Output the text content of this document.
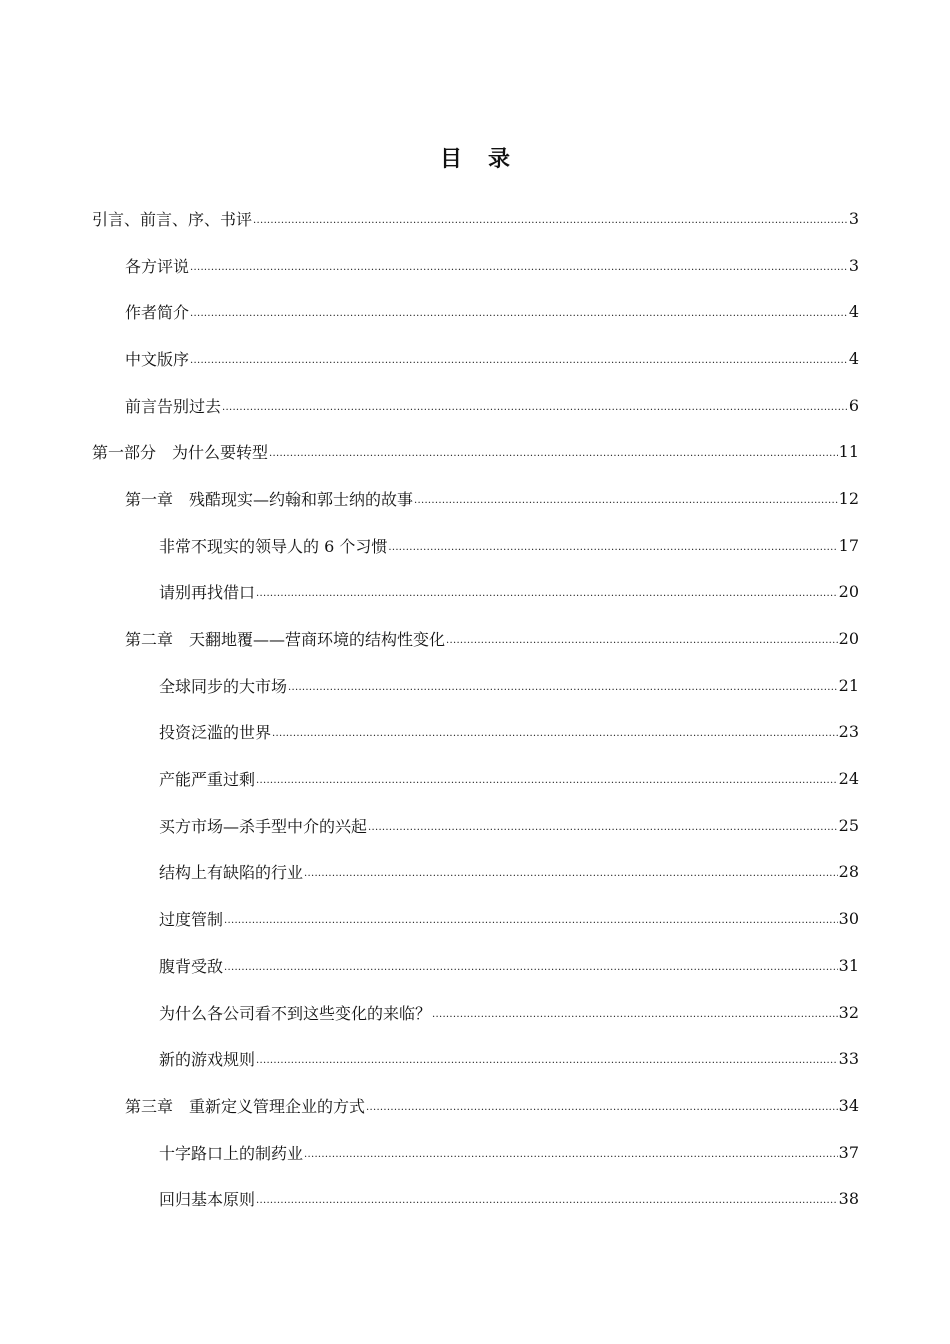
目录
引言、前言、序、书评 .....	3
各方评说 .....	3
作者简介 .....	4
中文版序 .....	4
前言告别过去 .....	6
第一部分　为什么要转型 .....	11
第一章　残酷现实—约翰和郭士纳的故事 .....	12
非常不现实的领导人的 6 个习惯 .....	17
请别再找借口 .....	20
第二章　天翻地覆——营商环境的结构性变化 .....	20
全球同步的大市场 .....	21
投资泛滥的世界 .....	23
产能严重过剩 .....	24
买方市场—杀手型中介的兴起 .....	25
结构上有缺陷的行业 .....	28
过度管制 .....	30
腹背受敌 .....	31
为什么各公司看不到这些变化的来临？ .....	32
新的游戏规则 .....	33
第三章　重新定义管理企业的方式 .....	34
十字路口上的制药业 .....	37
回归基本原则 .....	38
